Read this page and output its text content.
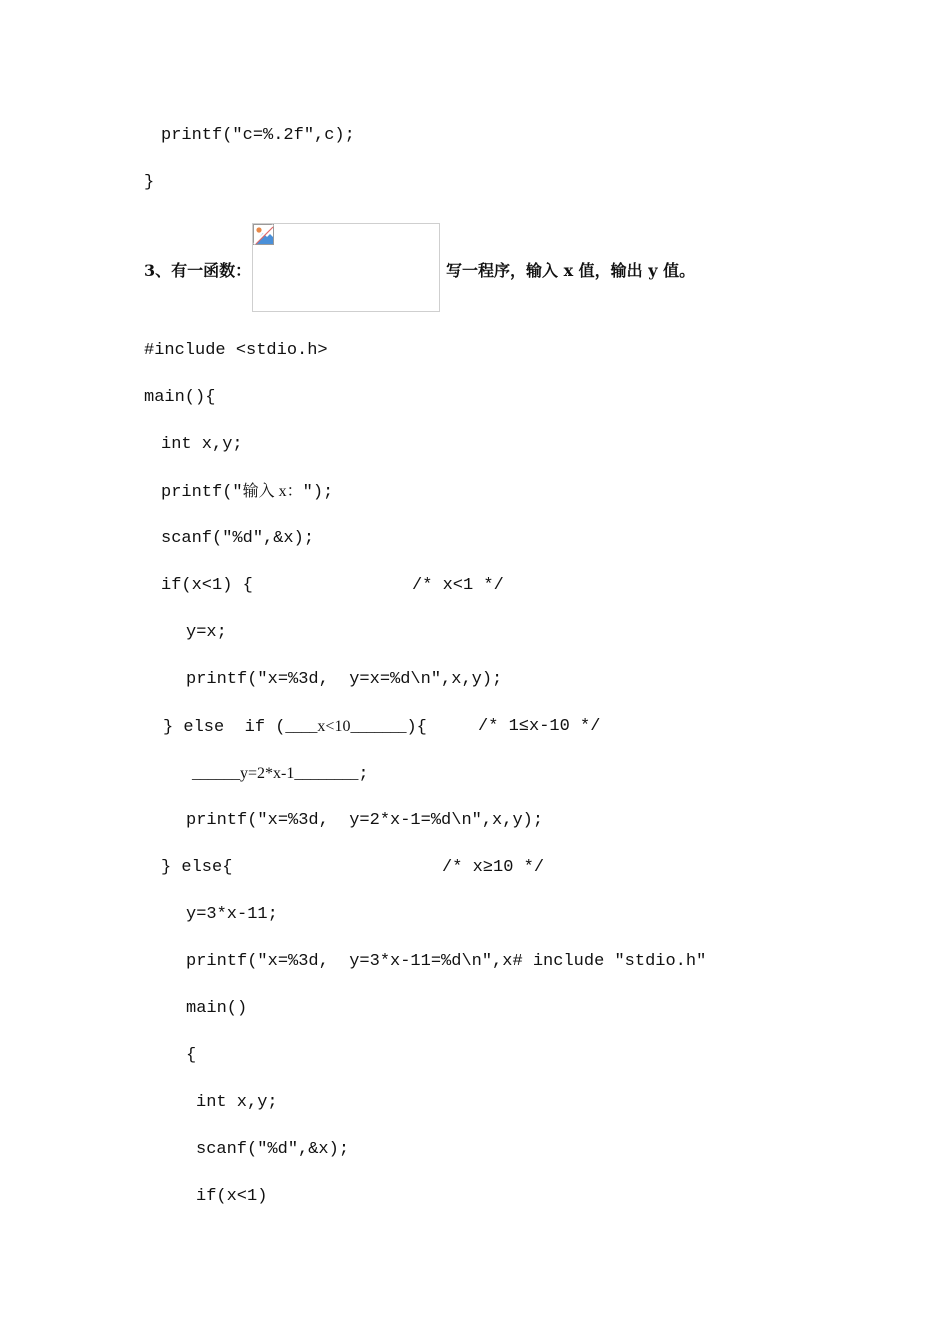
printf("c=%.2f",c);
}
3、有一函数：	写一程序，输入 x 值，输出 y 值。
#include <stdio.h>
main(){
int x,y;
printf("输入 x：");
scanf("%d",&x);
if(x<1) {	/* x<1 */
y=x;
printf("x=%3d,  y=x=%d\n",x,y);
} else  if (____x<10_______){	/* 1≤x-10 */
______y=2*x-1________;
printf("x=%3d,  y=2*x-1=%d\n",x,y);
} else{	/* x≥10 */
y=3*x-11;
printf("x=%3d,  y=3*x-11=%d\n",x# include "stdio.h"
main()
{
int x,y;
scanf("%d",&x);
if(x<1)
